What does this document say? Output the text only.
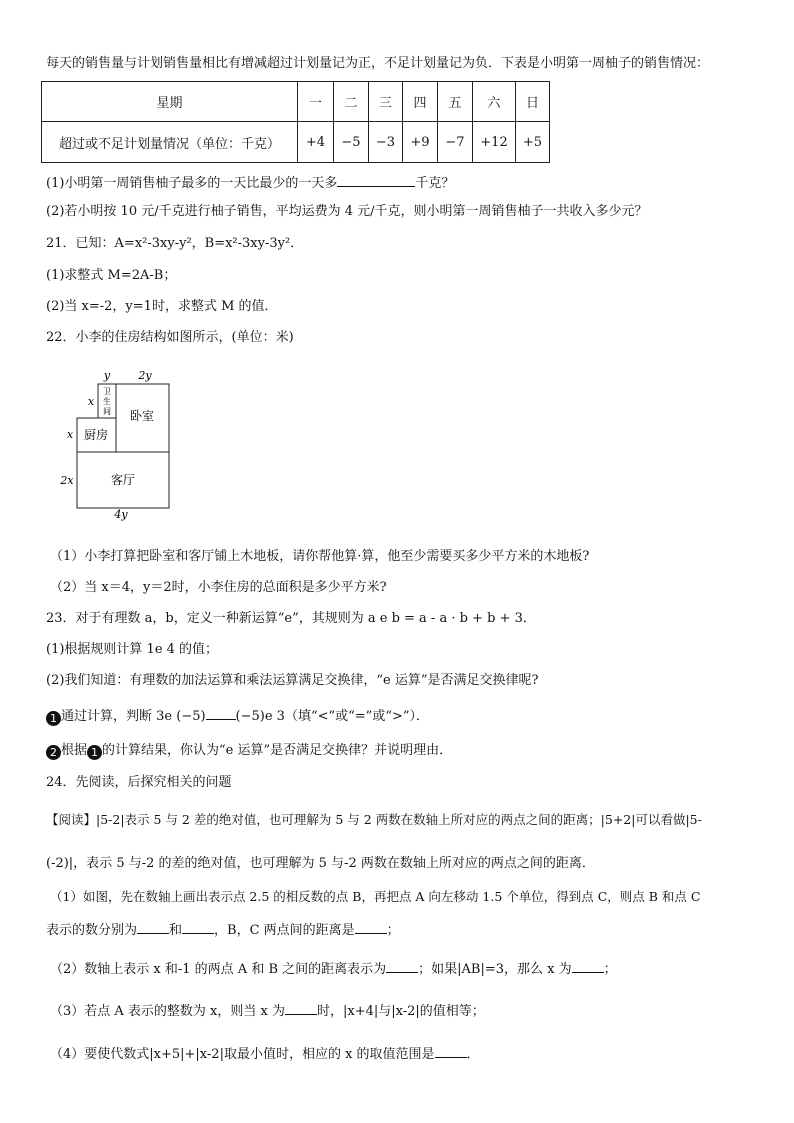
每天的销售量与计划销售量相比有增减超过计划量记为正，不足计划量记为负．下表是小明第一周柚子的销售情况：
星期	一	二	三	四	五	六	日
超过或不足计划量情况（单位：千克）	+4	−5	−3	+9	−7	+12	+5
(1)小明第一周销售柚子最多的一天比最少的一天多	千克？
(2)若小明按 10 元/千克进行柚子销售，平均运费为 4 元/千克，则小明第一周销售柚子一共收入多少元？
21．已知：A=x²-3xy-y²，B=x²-3xy-3y²．
(1)求整式 M=2A-B；
(2)当 x=-2，y=1时，求整式 M 的值．
22．小李的住房结构如图所示，(单位：米)
y	2y
x
x
2x
4y
卫
生
间 卧室
厨房
客厅
（1）小李打算把卧室和客厅铺上木地板，请你帮他算·算，他至少需要买多少平方米的木地板?
（2）当 x＝4，y＝2时，小李住房的总面积是多少平方米?
23．对于有理数 a，b，定义一种新运算“e”，其规则为 a e b = a - a · b + b + 3．
(1)根据规则计算 1e 4 的值；
(2)我们知道：有理数的加法运算和乘法运算满足交换律，“e 运算”是否满足交换律呢?
1 通过计算，判断 3e (−5) (−5)e 3（填“<”或“=”或“>”）．
2 根据 1 的计算结果，你认为“e 运算”是否满足交换律？并说明理由．
24．先阅读，后探究相关的问题
【阅读】|5-2|表示 5 与 2 差的绝对值，也可理解为 5 与 2 两数在数轴上所对应的两点之间的距离；|5+2|可以看做|5-
(-2)|，表示 5 与-2 的差的绝对值，也可理解为 5 与-2 两数在数轴上所对应的两点之间的距离．
（1）如图，先在数轴上画出表示点 2.5 的相反数的点 B，再把点 A 向左移动 1.5 个单位，得到点 C，则点 B 和点 C
表示的数分别为 和 ，B，C 两点间的距离是 ；
（2）数轴上表示 x 和-1 的两点 A 和 B 之间的距离表示为 ；如果|AB|=3，那么 x 为 ；
（3）若点 A 表示的整数为 x，则当 x 为 时，|x+4|与|x-2|的值相等；
（4）要使代数式|x+5|+|x-2|取最小值时，相应的 x 的取值范围是 ．
